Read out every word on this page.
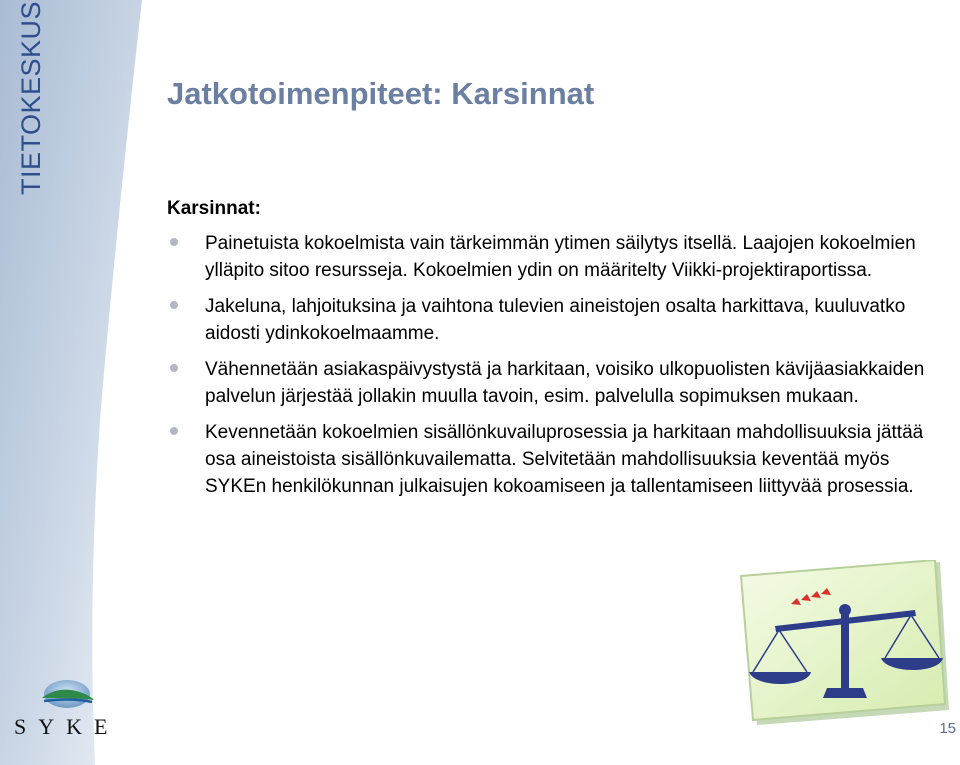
TIETOKESKUS
SYKE
Jatkotoimenpiteet: Karsinnat
Karsinnat:
Painetuista kokoelmista vain tärkeimmän ytimen säilytys itsellä. Laajojen kokoelmien ylläpito sitoo resursseja. Kokoelmien ydin on määritelty Viikki-projektiraportissa.
Jakeluna, lahjoituksina ja vaihtona tulevien aineistojen osalta harkittava, kuuluvatko aidosti ydinkokoelmaamme.
Vähennetään asiakaspäivystystä ja harkitaan, voisiko ulkopuolisten kävijäasiakkaiden palvelun järjestää jollakin muulla tavoin, esim. palvelulla sopimuksen mukaan.
Kevennetään kokoelmien sisällönkuvailuprosessia ja harkitaan mahdollisuuksia jättää osa aineistoista sisällönkuvailematta. Selvitetään mahdollisuuksia keventää myös SYKEn henkilökunnan julkaisujen kokoamiseen ja tallentamiseen liittyvää prosessia.
15
